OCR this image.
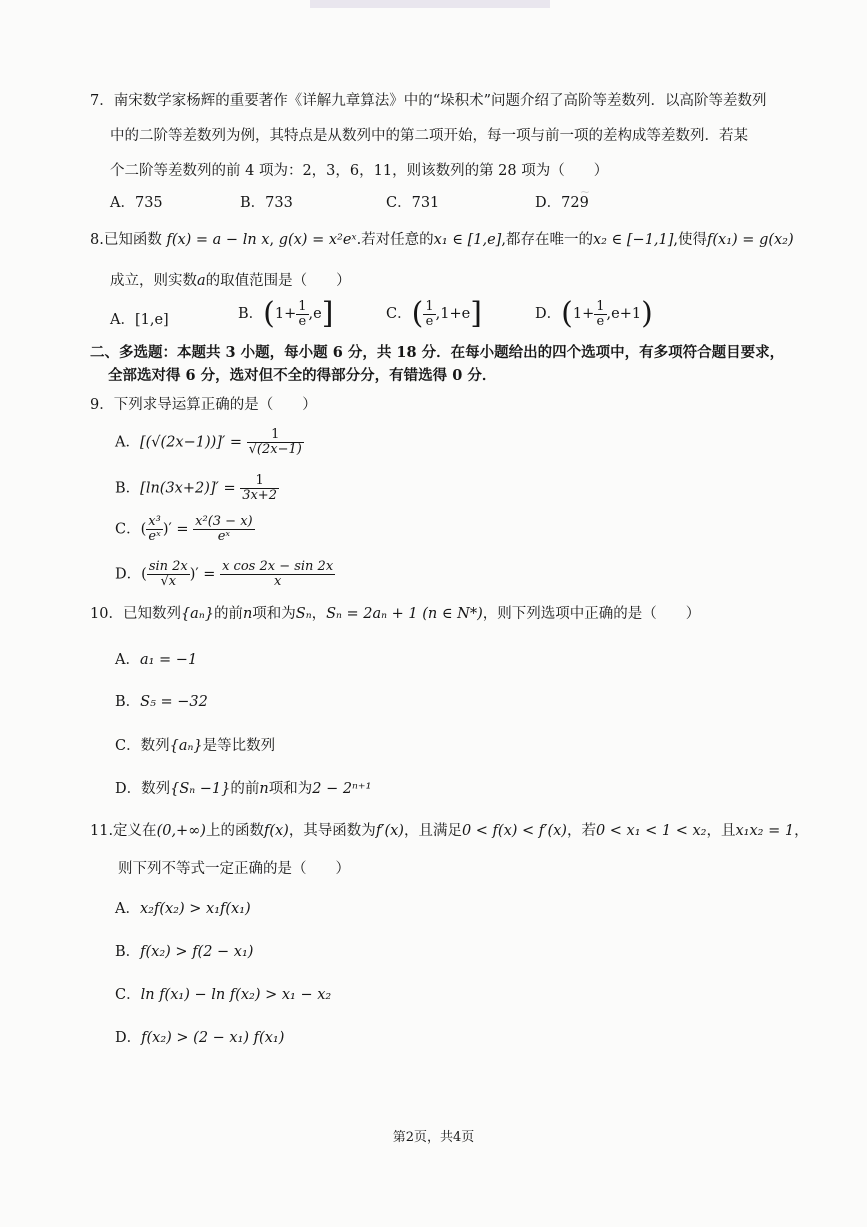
~
7．南宋数学家杨辉的重要著作《详解九章算法》中的“垛积术”问题介绍了高阶等差数列．以高阶等差数列
中的二阶等差数列为例，其特点是从数列中的第二项开始，每一项与前一项的差构成等差数列．若某
个二阶等差数列的前 4 项为：2，3，6，11，则该数列的第 28 项为（　　）
A．735	B．733	C．731	D．729
8.已知函数 f(x) = a − ln x, g(x) = x²eˣ.若对任意的x₁ ∈ [1,e],都存在唯一的x₂ ∈ [−1,1],使得f(x₁) = g(x₂)
成立，则实数a的取值范围是（　　）
A．[1,e]	B．$(1+ \frac{1}{e} ,e]$	C．( $\frac{1}{e} ,1+e$]	D．$(1+ \frac{1}{e} ,e+1)$
二、多选题：本题共 3 小题，每小题 6 分，共 18 分．在每小题给出的四个选项中，有多项符合题目要求，
全部选对得 6 分，选对但不全的得部分分，有错选得 0 分．
9．下列求导运算正确的是（　　）
A．$[(√(2x-1))]' = \frac{1}{√(2x-1)}$
B．$[\ln(3x+2)]' = \frac{1}{3x+2}$
C．( $\frac{\text{x³}}{\text{eˣ}}$ )′ = $\frac{\text{x²(3 − x)}}{\text{eˣ}}$
D．( $\frac{\sin 2x}{√x}$ )′ = $\frac{\text{x cos 2x − sin 2x}}{x}$
10．已知数列{aₙ}的前n项和为Sₙ，Sₙ = 2aₙ + 1 (n ∈ N*)，则下列选项中正确的是（　　）
A．a₁ = −1
B．S₅ = −32
C．数列{aₙ}是等比数列
D．数列{Sₙ −1}的前n项和为2 − 2ⁿ⁺¹
11.定义在(0,+∞)上的函数f(x)，其导函数为f′(x)，且满足0 < f(x) < f′(x)，若0 < x₁ < 1 < x₂，且x₁x₂ = 1，
则下列不等式一定正确的是（　　）
A．x₂f(x₂) > x₁f(x₁)
B．f(x₂) > f(2 − x₁)
C．ln f(x₁) − ln f(x₂) > x₁ − x₂
D．f(x₂) > (2 − x₁) f(x₁)
第2页，共4页
